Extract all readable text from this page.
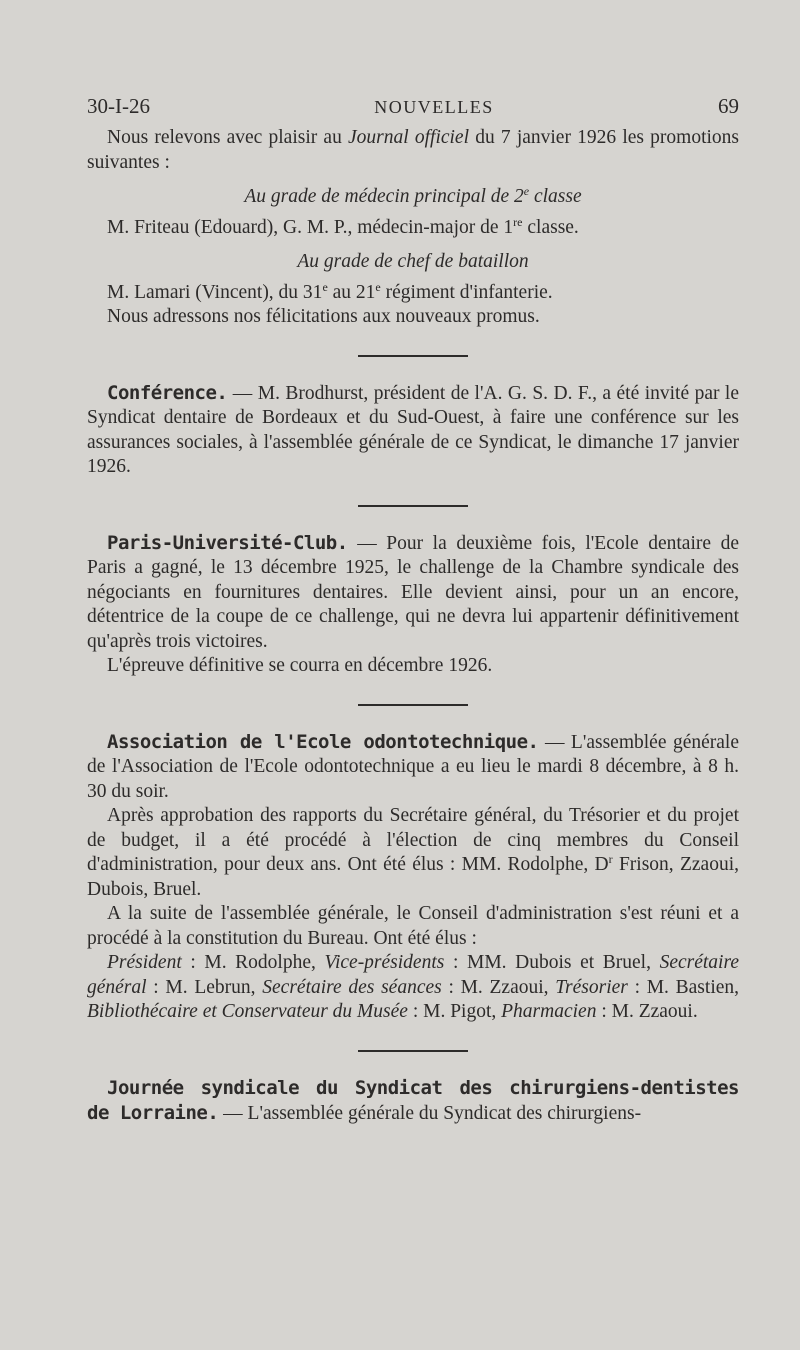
30-I-26	NOUVELLES	69

Nous relevons avec plaisir au Journal officiel du 7 janvier 1926 les promotions suivantes :

Au grade de médecin principal de 2e classe

M. Friteau (Edouard), G. M. P., médecin-major de 1re classe.

Au grade de chef de bataillon

M. Lamari (Vincent), du 31e au 21e régiment d'infanterie.

Nous adressons nos félicitations aux nouveaux promus.

Conférence. — M. Brodhurst, président de l'A. G. S. D. F., a été invité par le Syndicat dentaire de Bordeaux et du Sud-Ouest, à faire une conférence sur les assurances sociales, à l'assemblée générale de ce Syndicat, le dimanche 17 janvier 1926.

Paris-Université-Club. — Pour la deuxième fois, l'Ecole dentaire de Paris a gagné, le 13 décembre 1925, le challenge de la Chambre syndicale des négociants en fournitures dentaires. Elle devient ainsi, pour un an encore, détentrice de la coupe de ce challenge, qui ne devra lui appartenir définitivement qu'après trois victoires.

L'épreuve définitive se courra en décembre 1926.

Association de l'Ecole odontotechnique. — L'assemblée générale de l'Association de l'Ecole odontotechnique a eu lieu le mardi 8 décembre, à 8 h. 30 du soir.

Après approbation des rapports du Secrétaire général, du Trésorier et du projet de budget, il a été procédé à l'élection de cinq membres du Conseil d'administration, pour deux ans. Ont été élus : MM. Rodolphe, $D^r$ Frison, Zzaoui, Dubois, Bruel.

A la suite de l'assemblée générale, le Conseil d'administration s'est réuni et a procédé à la constitution du Bureau. Ont été élus :

Président : M. Rodolphe, Vice-présidents : MM. Dubois et Bruel, Secrétaire général : M. Lebrun, Secrétaire des séances : M. Zzaoui, Trésorier : M. Bastien, Bibliothécaire et Conservateur du Musée : M. Pigot, Pharmacien : M. Zzaoui.

Journée syndicale du Syndicat des chirurgiens-dentistes de Lorraine. — L'assemblée générale du Syndicat des chirurgiens-
